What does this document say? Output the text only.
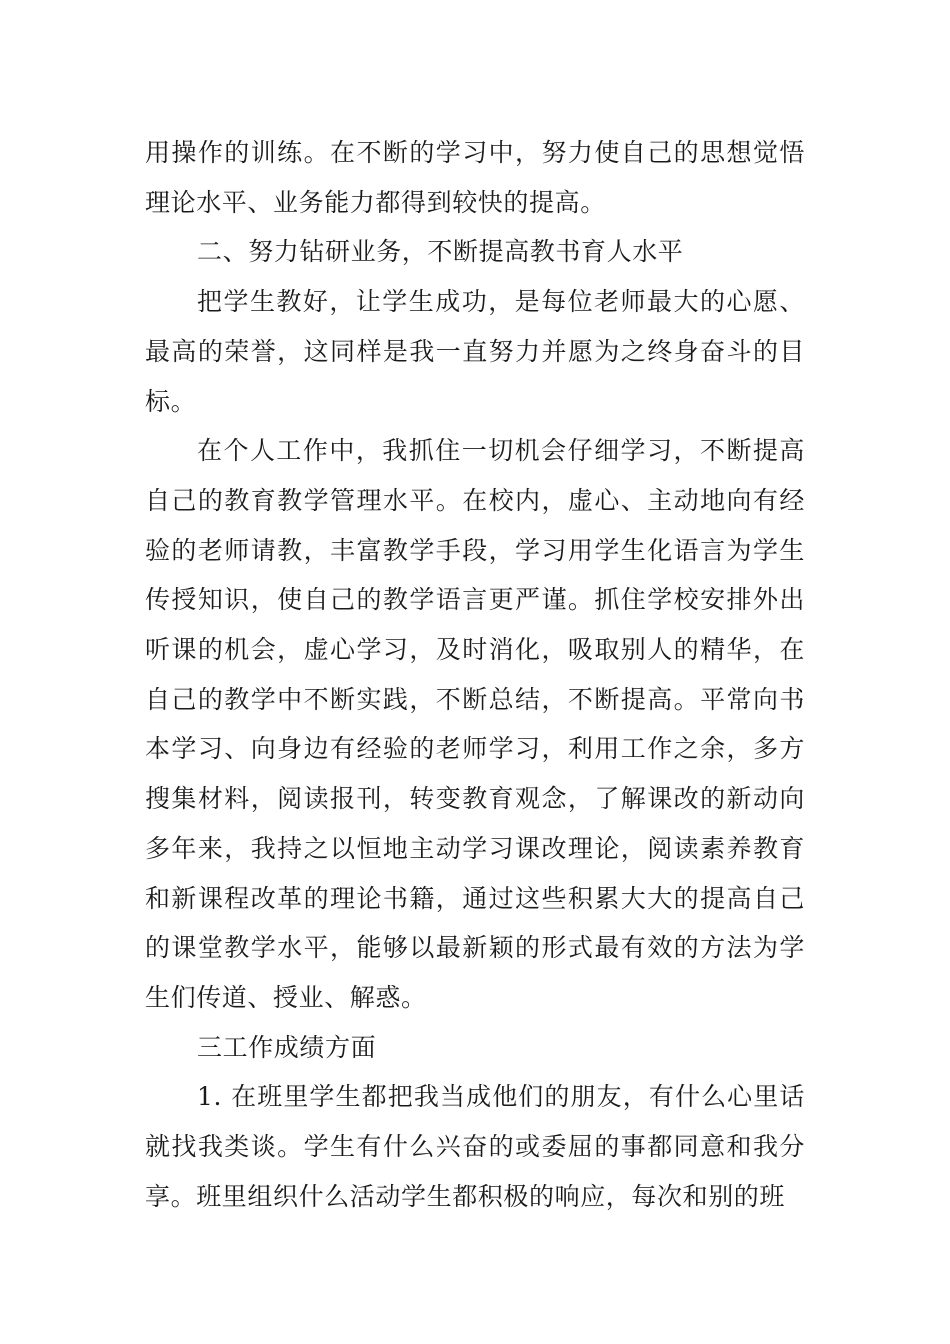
用操作的训练。在不断的学习中，努力使自己的思想觉悟理论水平、业务能力都得到较快的提高。

二、努力钻研业务，不断提高教书育人水平

把学生教好，让学生成功，是每位老师最大的心愿、最高的荣誉，这同样是我一直努力并愿为之终身奋斗的目标。

在个人工作中，我抓住一切机会仔细学习，不断提高自己的教育教学管理水平。在校内，虚心、主动地向有经验的老师请教，丰富教学手段，学习用学生化语言为学生传授知识，使自己的教学语言更严谨。抓住学校安排外出听课的机会，虚心学习，及时消化，吸取别人的精华，在自己的教学中不断实践，不断总结，不断提高。平常向书本学习、向身边有经验的老师学习，利用工作之余，多方搜集材料，阅读报刊，转变教育观念，了解课改的新动向多年来，我持之以恒地主动学习课改理论，阅读素养教育和新课程改革的理论书籍，通过这些积累大大的提高自己的课堂教学水平，能够以最新颖的形式最有效的方法为学生们传道、授业、解惑。

三工作成绩方面

1. 在班里学生都把我当成他们的朋友，有什么心里话就找我类谈。学生有什么兴奋的或委屈的事都同意和我分享。班里组织什么活动学生都积极的响应，每次和别的班
